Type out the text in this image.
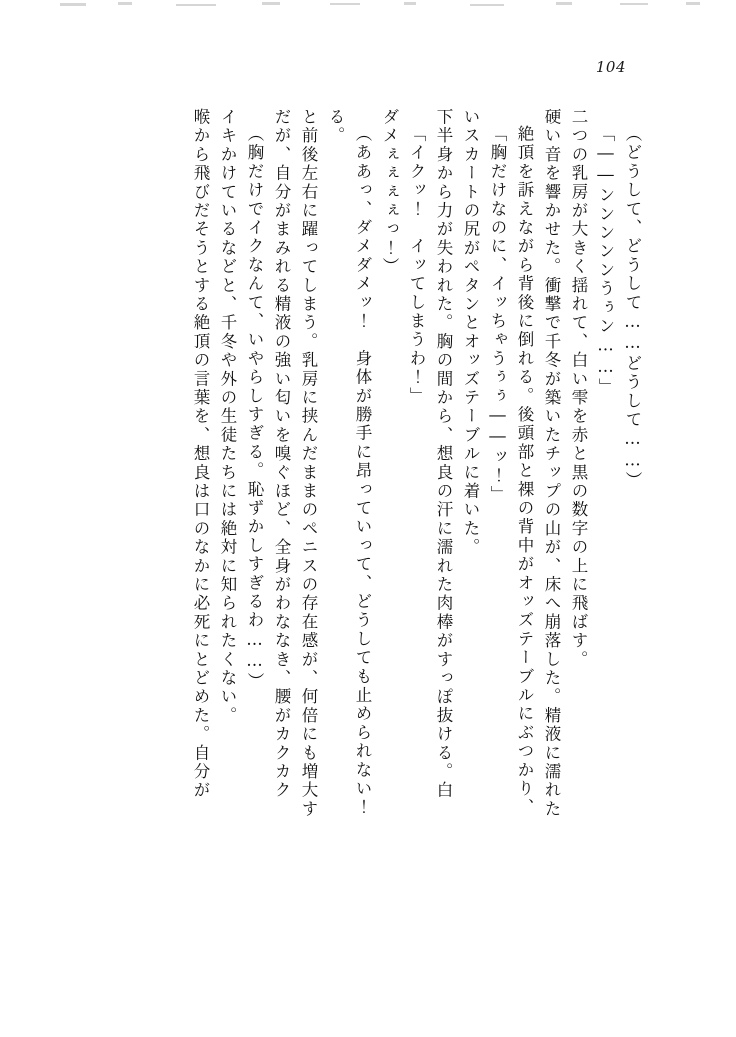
104
喉から飛びだそうとする絶頂の言葉を、想良は口のなかに必死にとどめた。自分が イキかけているなどと、千冬や外の生徒たちには絶対に知られたくない。 （胸だけでイクなんて、いやらしすぎる。恥ずかしすぎるわ……） だが、自分がまみれる精液の強い匂いを嗅ぐほど、全身がわななき、腰がカクカク と前後左右に躍ってしまう。乳房に挟んだままのペニスの存在感が、何倍にも増大す る。 （ああっ、ダメダメッ！　身体が勝手に昂っていって、どうしても止められない！ ダメぇぇぇぇっ！） 「イクッ！　イッてしまうわ！」 下半身から力が失われた。胸の間から、想良の汗に濡れた肉棒がすっぽ抜ける。白 いスカートの尻がペタンとオッズテーブルに着いた。 「胸だけなのに、イッちゃうぅぅ――ッ！」 絶頂を訴えながら背後に倒れる。後頭部と裸の背中がオッズテーブルにぶつかり、 硬い音を響かせた。衝撃で千冬が築いたチップの山が、床へ崩落した。精液に濡れた 二つの乳房が大きく揺れて、白い雫を赤と黒の数字の上に飛ばす。 「――ンンンンンうぅン……」 （どうして、どうして……どうして……）
